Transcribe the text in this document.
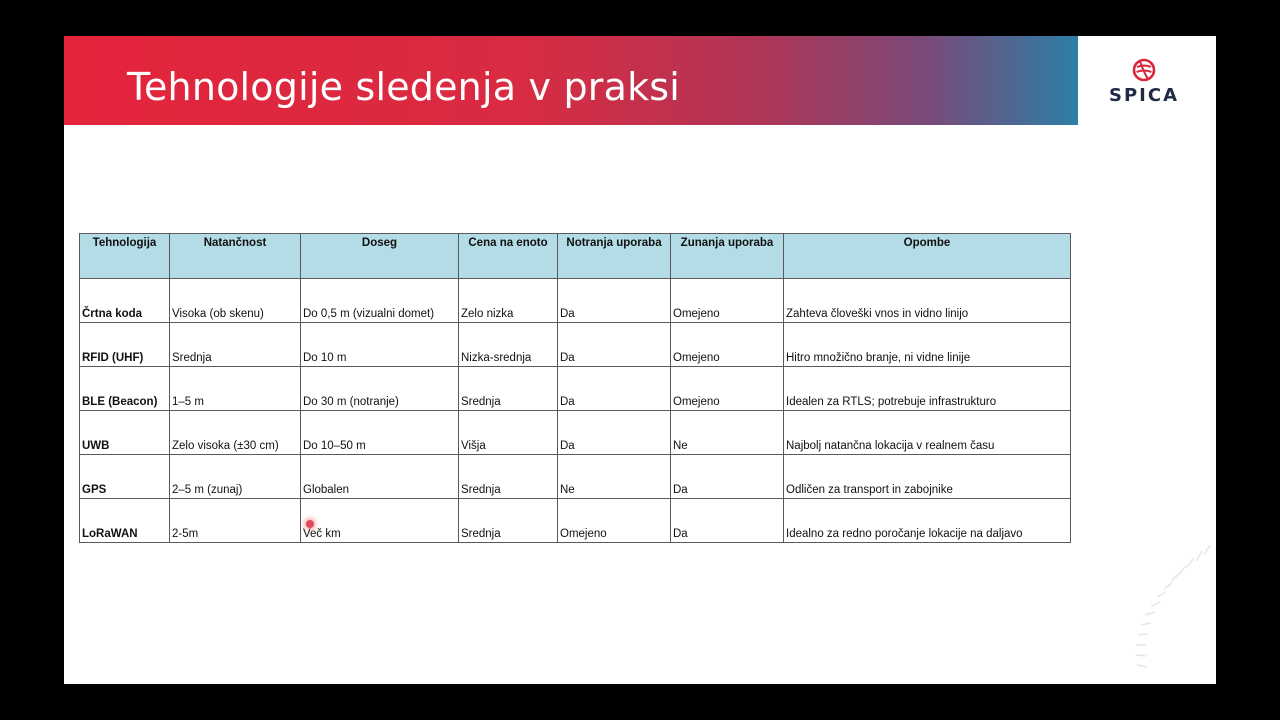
Tehnologije sledenja v praksi	SPICA
Tehnologija	Natančnost	Doseg	Cena na enoto	Notranja uporaba	Zunanja uporaba	Opombe
Črtna koda	Visoka (ob skenu)	Do 0,5 m (vizualni domet)	Zelo nizka	Da	Omejeno	Zahteva človeški vnos in vidno linijo
RFID (UHF)	Srednja	Do 10 m	Nizka-srednja	Da	Omejeno	Hitro množično branje, ni vidne linije
BLE (Beacon)	1–5 m	Do 30 m (notranje)	Srednja	Da	Omejeno	Idealen za RTLS; potrebuje infrastrukturo
UWB	Zelo visoka (±30 cm)	Do 10–50 m	Višja	Da	Ne	Najbolj natančna lokacija v realnem času
GPS	2–5 m (zunaj)	Globalen	Srednja	Ne	Da	Odličen za transport in zabojnike
LoRaWAN	2-5m	Več km	Srednja	Omejeno	Da	Idealno za redno poročanje lokacije na daljavo
